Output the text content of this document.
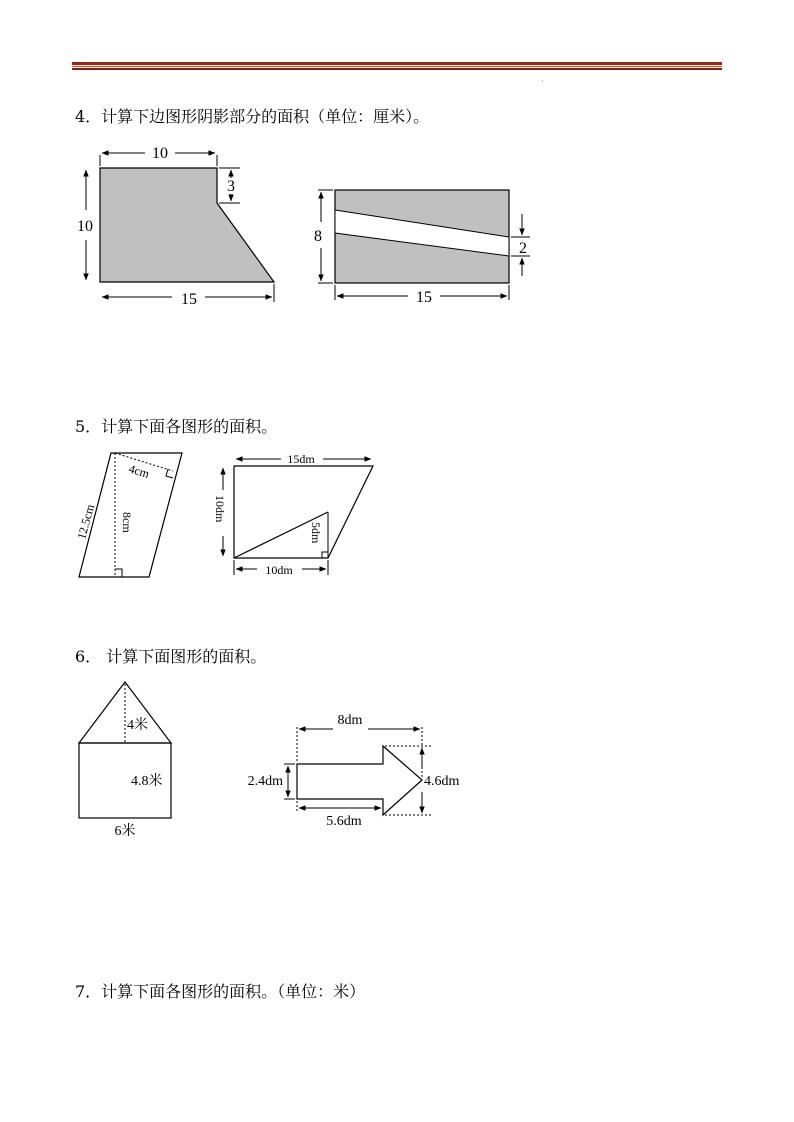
·
4．计算下边图形阴影部分的面积（单位：厘米）。
5．计算下面各图形的面积。
6． 计算下面图形的面积。
7．计算下面各图形的面积。（单位：米）
10
3
10
15
8
2
15
8cm
4cm
12.5cm
15dm
10dm
5dm
10dm
4米
4.8米
6米
8dm
4.6dm
2.4dm
5.6dm
